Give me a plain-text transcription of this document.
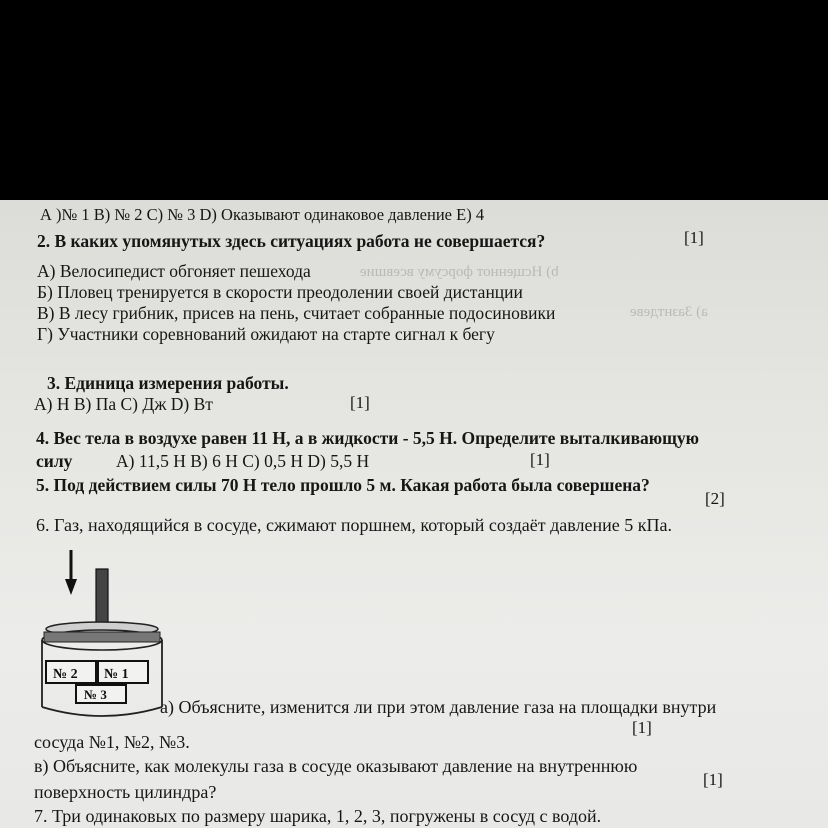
А )№ 1 В) № 2 С) № 3 D) Оказывают одинаковое давление Е) 4
2. В каких упомянутых здесь ситуациях работа не совершается?	[1]
А) Велосипедист обгоняет пешехода
Б) Пловец тренируется в скорости преодолении своей дистанции
В) В лесу грибник, присев на пень, считает собранные подосиновики
Г) Участники соревнований ожидают на старте сигнал к бегу
b) Нсщеннот форсуму всевшие
а) Зазнтдеве
3. Единица измерения работы.
А) Н В) Па С) Дж D) Вт	[1]
4. Вес тела в воздухе равен 11 Н, а в жидкости - 5,5 Н. Определите выталкивающую
силу А) 11,5 Н В) 6 Н С) 0,5 Н D) 5,5 Н	[1]
5. Под действием силы 70 Н тело прошло 5 м. Какая работа была совершена?
[2]
6. Газ, находящийся в сосуде, сжимают поршнем, который создаёт давление 5 кПа.
а) Объясните, изменится ли при этом давление газа на площадки внутри
сосуда №1, №2, №3.
[1]
в) Объясните, как молекулы газа в сосуде оказывают давление на внутреннюю
поверхность цилиндра?
[1]
7. Три одинаковых по размеру шарика, 1, 2, 3, погружены в сосуд с водой.
№ 2 № 1
№ 3
